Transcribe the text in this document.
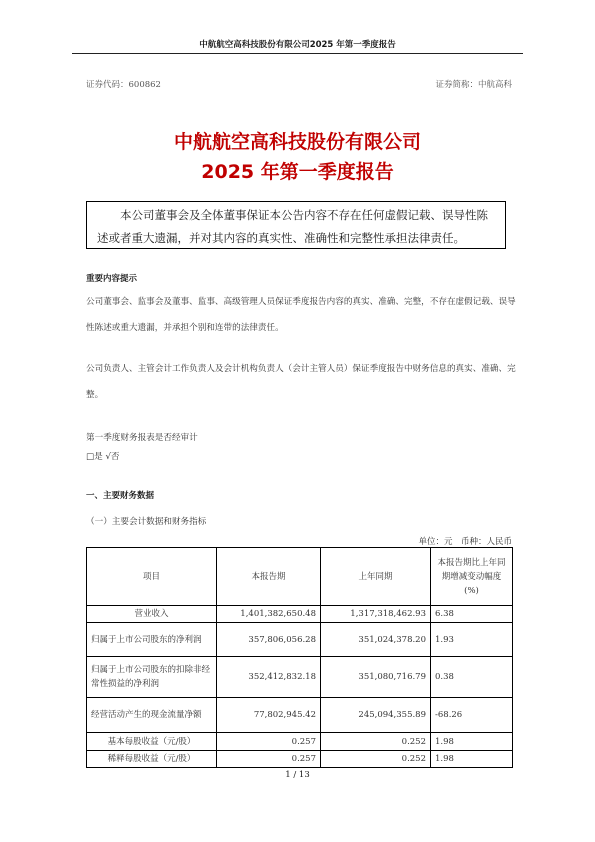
中航航空高科技股份有限公司2025 年第一季度报告
证券代码：600862	证券简称：中航高科
中航航空高科技股份有限公司
2025 年第一季度报告
本公司董事会及全体董事保证本公告内容不存在任何虚假记载、误导性陈述或者重大遗漏，并对其内容的真实性、准确性和完整性承担法律责任。
重要内容提示
公司董事会、监事会及董事、监事、高级管理人员保证季度报告内容的真实、准确、完整，不存在虚假记载、误导性陈述或重大遗漏，并承担个别和连带的法律责任。
公司负责人、主管会计工作负责人及会计机构负责人（会计主管人员）保证季度报告中财务信息的真实、准确、完整。
第一季度财务报表是否经审计
□是 √否
一、主要财务数据
（一）主要会计数据和财务指标
单位：元　币种：人民币
项目	本报告期	上年同期	本报告期比上年同期增减变动幅度(%)
营业收入	1,401,382,650.48	1,317,318,462.93	6.38
归属于上市公司股东的净利润	357,806,056.28	351,024,378.20	1.93
归属于上市公司股东的扣除非经常性损益的净利润	352,412,832.18	351,080,716.79	0.38
经营活动产生的现金流量净额	77,802,945.42	245,094,355.89	-68.26
基本每股收益（元/股）	0.257	0.252	1.98
稀释每股收益（元/股）	0.257	0.252	1.98
1 / 13
